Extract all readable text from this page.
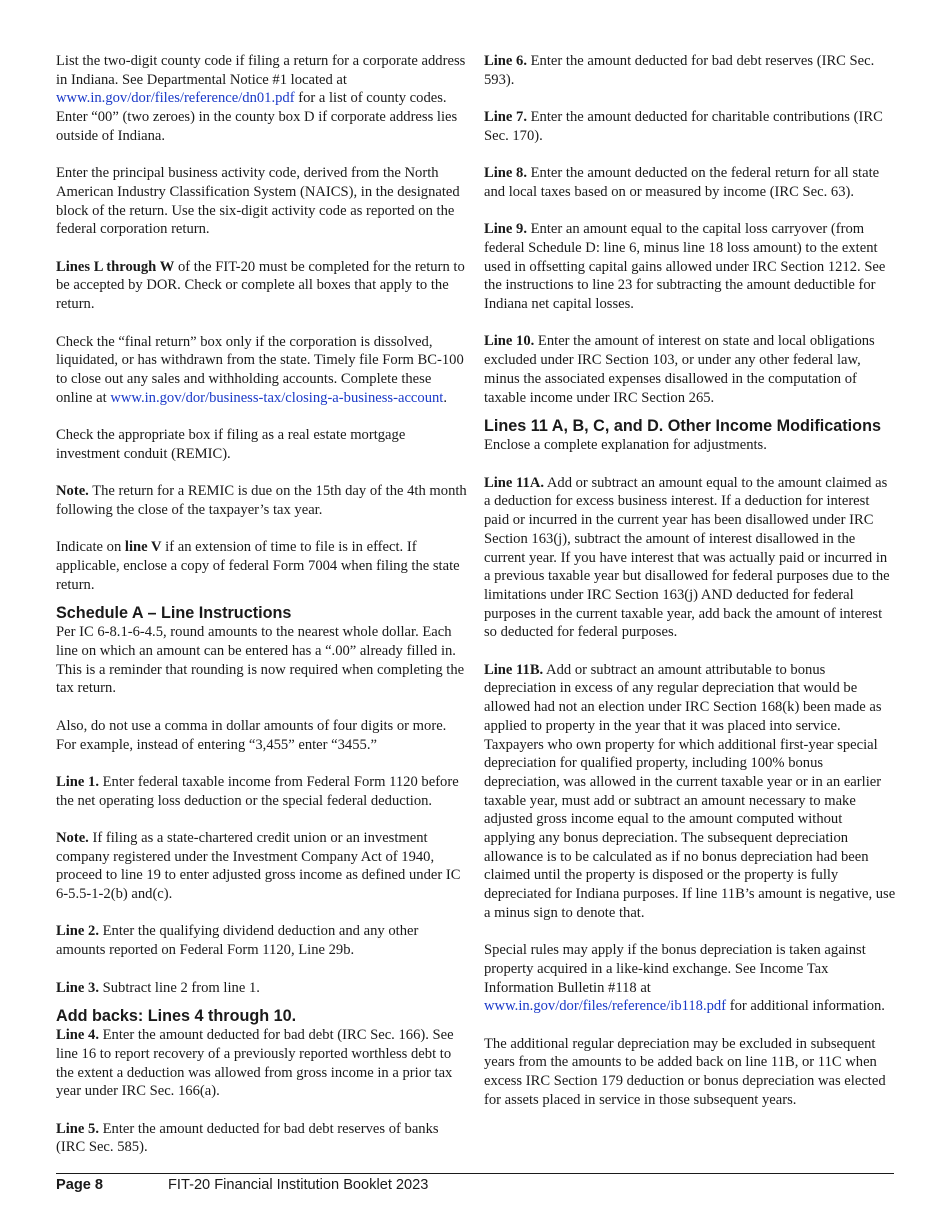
List the two-digit county code if filing a return for a corporate address in Indiana. See Departmental Notice #1 located at www.in.gov/dor/files/reference/dn01.pdf for a list of county codes. Enter “00” (two zeroes) in the county box D if corporate address lies outside of Indiana.

Enter the principal business activity code, derived from the North American Industry Classification System (NAICS), in the designated block of the return. Use the six-digit activity code as reported on the federal corporation return.

Lines L through W of the FIT-20 must be completed for the return to be accepted by DOR. Check or complete all boxes that apply to the return.

Check the “final return” box only if the corporation is dissolved, liquidated, or has withdrawn from the state. Timely file Form BC-100 to close out any sales and withholding accounts. Complete these online at www.in.gov/dor/business-tax/closing-a-business-account.

Check the appropriate box if filing as a real estate mortgage investment conduit (REMIC).

Note. The return for a REMIC is due on the 15th day of the 4th month following the close of the taxpayer’s tax year.

Indicate on line V if an extension of time to file is in effect. If applicable, enclose a copy of federal Form 7004 when filing the state return.

Schedule A – Line Instructions

Per IC 6-8.1-6-4.5, round amounts to the nearest whole dollar. Each line on which an amount can be entered has a “.00” already filled in. This is a reminder that rounding is now required when completing the tax return.

Also, do not use a comma in dollar amounts of four digits or more. For example, instead of entering “3,455” enter “3455.”

Line 1. Enter federal taxable income from Federal Form 1120 before the net operating loss deduction or the special federal deduction.

Note. If filing as a state-chartered credit union or an investment company registered under the Investment Company Act of 1940, proceed to line 19 to enter adjusted gross income as defined under IC 6-5.5-1-2(b) and(c).

Line 2. Enter the qualifying dividend deduction and any other amounts reported on Federal Form 1120, Line 29b.

Line 3. Subtract line 2 from line 1.

Add backs: Lines 4 through 10.

Line 4. Enter the amount deducted for bad debt (IRC Sec. 166). See line 16 to report recovery of a previously reported worthless debt to the extent a deduction was allowed from gross income in a prior tax year under IRC Sec. 166(a).

Line 5. Enter the amount deducted for bad debt reserves of banks (IRC Sec. 585).

Line 6. Enter the amount deducted for bad debt reserves (IRC Sec. 593).

Line 7. Enter the amount deducted for charitable contributions (IRC Sec. 170).

Line 8. Enter the amount deducted on the federal return for all state and local taxes based on or measured by income (IRC Sec. 63).

Line 9. Enter an amount equal to the capital loss carryover (from federal Schedule D: line 6, minus line 18 loss amount) to the extent used in offsetting capital gains allowed under IRC Section 1212. See the instructions to line 23 for subtracting the amount deductible for Indiana net capital losses.

Line 10. Enter the amount of interest on state and local obligations excluded under IRC Section 103, or under any other federal law, minus the associated expenses disallowed in the computation of taxable income under IRC Section 265.

Lines 11 A, B, C, and D. Other Income Modifications

Enclose a complete explanation for adjustments.

Line 11A. Add or subtract an amount equal to the amount claimed as a deduction for excess business interest. If a deduction for interest paid or incurred in the current year has been disallowed under IRC Section 163(j), subtract the amount of interest disallowed in the current year. If you have interest that was actually paid or incurred in a previous taxable year but disallowed for federal purposes due to the limitations under IRC Section 163(j) AND deducted for federal purposes in the current taxable year, add back the amount of interest so deducted for federal purposes.

Line 11B. Add or subtract an amount attributable to bonus depreciation in excess of any regular depreciation that would be allowed had not an election under IRC Section 168(k) been made as applied to property in the year that it was placed into service. Taxpayers who own property for which additional first-year special depreciation for qualified property, including 100% bonus depreciation, was allowed in the current taxable year or in an earlier taxable year, must add or subtract an amount necessary to make adjusted gross income equal to the amount computed without applying any bonus depreciation. The subsequent depreciation allowance is to be calculated as if no bonus depreciation had been claimed until the property is disposed or the property is fully depreciated for Indiana purposes. If line 11B’s amount is negative, use a minus sign to denote that.

Special rules may apply if the bonus depreciation is taken against property acquired in a like-kind exchange. See Income Tax Information Bulletin #118 at www.in.gov/dor/files/reference/ib118.pdf for additional information.

The additional regular depreciation may be excluded in subsequent years from the amounts to be added back on line 11B, or 11C when excess IRC Section 179 deduction or bonus depreciation was elected for assets placed in service in those subsequent years.

Page 8	FIT-20 Financial Institution Booklet 2023
